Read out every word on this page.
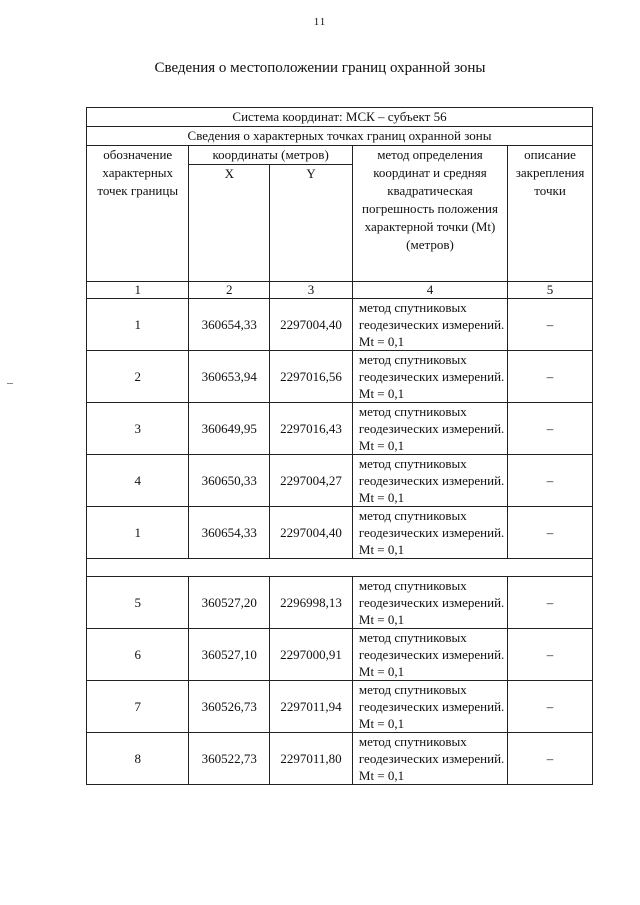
11
Сведения о местоположении границ охранной зоны
Система координат: МСК – субъект 56				
Сведения о характерных точках границ охранной зоны				
обозначение характерных точек границы	координаты (метров)		метод определения координат и средняя квадратическая погрешность положения характерной точки (Mt) (метров)	описание закрепления точки
	X	Y		
1	2	3	4	5
1	360654,33	2297004,40	метод спутниковых геодезических измерений. Mt = 0,1	–
2	360653,94	2297016,56	метод спутниковых геодезических измерений. Mt = 0,1	–
3	360649,95	2297016,43	метод спутниковых геодезических измерений. Mt = 0,1	–
4	360650,33	2297004,27	метод спутниковых геодезических измерений. Mt = 0,1	–
1	360654,33	2297004,40	метод спутниковых геодезических измерений. Mt = 0,1	–

5	360527,20	2296998,13	метод спутниковых геодезических измерений. Mt = 0,1	–
6	360527,10	2297000,91	метод спутниковых геодезических измерений. Mt = 0,1	–
7	360526,73	2297011,94	метод спутниковых геодезических измерений. Mt = 0,1	–
8	360522,73	2297011,80	метод спутниковых геодезических измерений. Mt = 0,1	–
